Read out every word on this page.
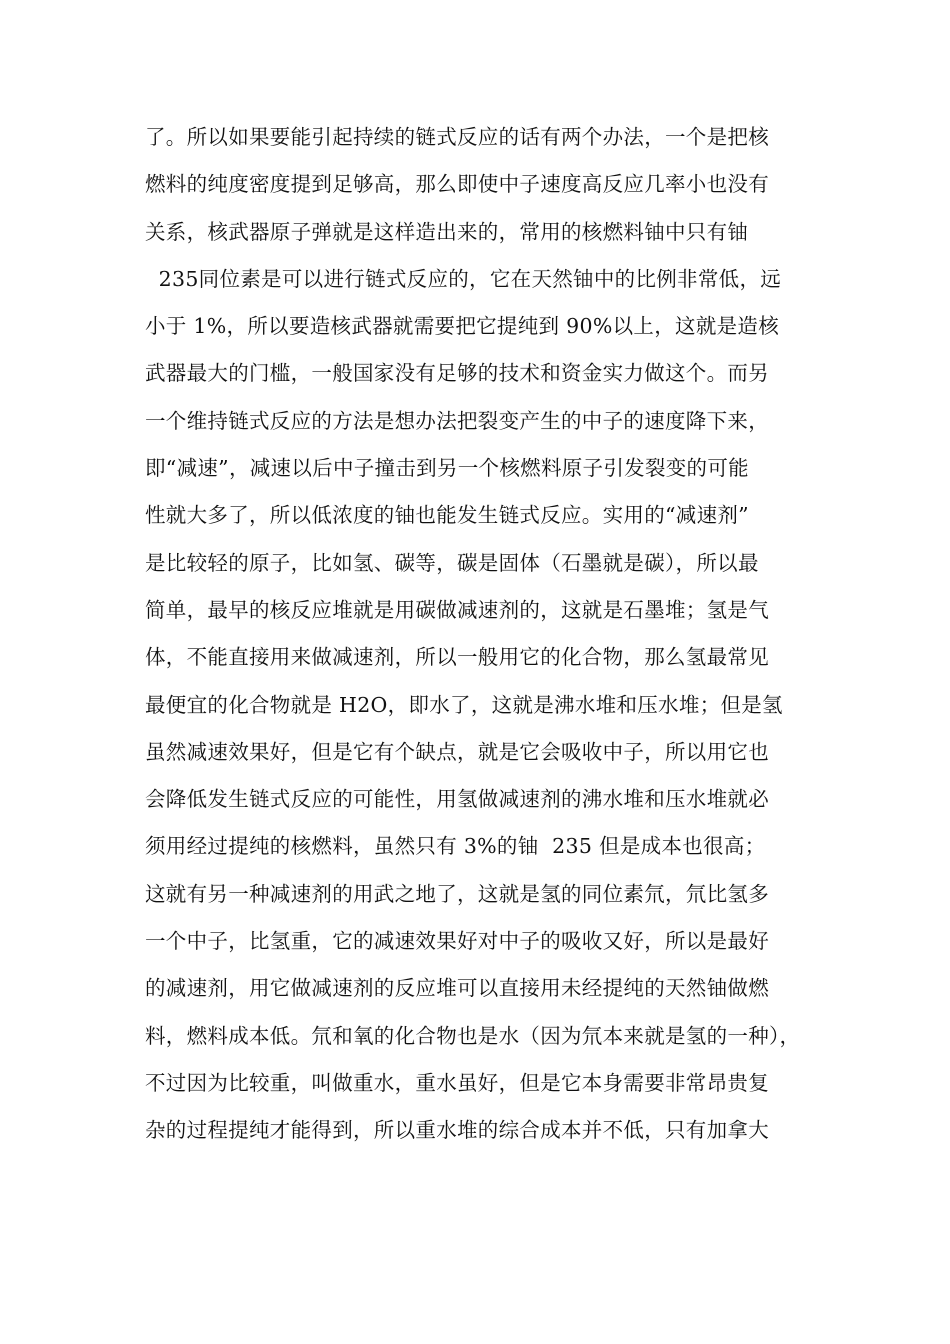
了。所以如果要能引起持续的链式反应的话有两个办法，一个是把核
燃料的纯度密度提到足够高，那么即使中子速度高反应几率小也没有
关系，核武器原子弹就是这样造出来的，常用的核燃料铀中只有铀
235同位素是可以进行链式反应的，它在天然铀中的比例非常低，远
小于 1%，所以要造核武器就需要把它提纯到 90%以上，这就是造核
武器最大的门槛，一般国家没有足够的技术和资金实力做这个。而另
一个维持链式反应的方法是想办法把裂变产生的中子的速度降下来，
即“减速”，减速以后中子撞击到另一个核燃料原子引发裂变的可能
性就大多了，所以低浓度的铀也能发生链式反应。实用的“减速剂”
是比较轻的原子，比如氢、碳等，碳是固体（石墨就是碳），所以最
简单，最早的核反应堆就是用碳做减速剂的，这就是石墨堆；氢是气
体，不能直接用来做减速剂，所以一般用它的化合物，那么氢最常见
最便宜的化合物就是 H2O，即水了，这就是沸水堆和压水堆；但是氢
虽然减速效果好，但是它有个缺点，就是它会吸收中子，所以用它也
会降低发生链式反应的可能性，用氢做减速剂的沸水堆和压水堆就必
须用经过提纯的核燃料，虽然只有 3%的铀  235 但是成本也很高；
这就有另一种减速剂的用武之地了，这就是氢的同位素氘，氘比氢多
一个中子，比氢重，它的减速效果好对中子的吸收又好，所以是最好
的减速剂，用它做减速剂的反应堆可以直接用未经提纯的天然铀做燃
料，燃料成本低。氘和氧的化合物也是水（因为氘本来就是氢的一种），
不过因为比较重，叫做重水，重水虽好，但是它本身需要非常昂贵复
杂的过程提纯才能得到，所以重水堆的综合成本并不低，只有加拿大
